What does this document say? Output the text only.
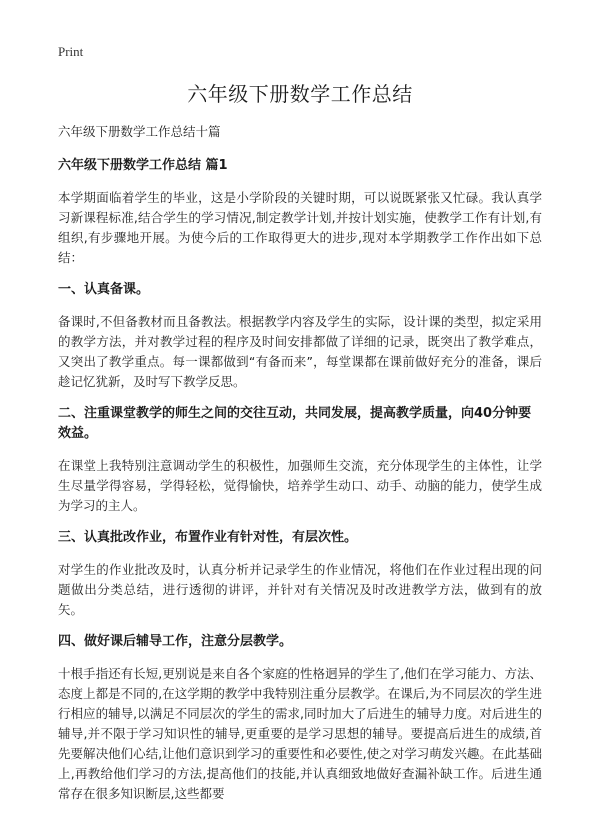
Print
六年级下册数学工作总结
六年级下册数学工作总结十篇
六年级下册数学工作总结 篇1
本学期面临着学生的毕业，这是小学阶段的关键时期，可以说既紧张又忙碌。我认真学习新课程标准,结合学生的学习情况,制定教学计划,并按计划实施，使教学工作有计划,有组织,有步骤地开展。为使今后的工作取得更大的进步,现对本学期教学工作作出如下总结：
一、认真备课。
备课时,不但备教材而且备教法。根据教学内容及学生的实际，设计课的类型，拟定采用的教学方法，并对教学过程的程序及时间安排都做了详细的记录，既突出了教学难点，又突出了教学重点。每一课都做到“有备而来”，每堂课都在课前做好充分的准备，课后趁记忆犹新，及时写下教学反思。
二、注重课堂教学的师生之间的交往互动，共同发展，提高教学质量，向40分钟要效益。
在课堂上我特别注意调动学生的积极性，加强师生交流，充分体现学生的主体性，让学生尽量学得容易，学得轻松，觉得愉快，培养学生动口、动手、动脑的能力，使学生成为学习的主人。
三、认真批改作业，布置作业有针对性，有层次性。
对学生的作业批改及时，认真分析并记录学生的作业情况，将他们在作业过程出现的问题做出分类总结，进行透彻的讲评，并针对有关情况及时改进教学方法，做到有的放矢。
四、做好课后辅导工作，注意分层教学。
十根手指还有长短,更别说是来自各个家庭的性格迥异的学生了,他们在学习能力、方法、态度上都是不同的,在这学期的教学中我特别注重分层教学。在课后,为不同层次的学生进行相应的辅导,以满足不同层次的学生的需求,同时加大了后进生的辅导力度。对后进生的辅导,并不限于学习知识性的辅导,更重要的是学习思想的辅导。要提高后进生的成绩,首先要解决他们心结,让他们意识到学习的重要性和必要性,使之对学习萌发兴趣。在此基础上,再教给他们学习的方法,提高他们的技能,并认真细致地做好查漏补缺工作。后进生通常存在很多知识断层,这些都要
